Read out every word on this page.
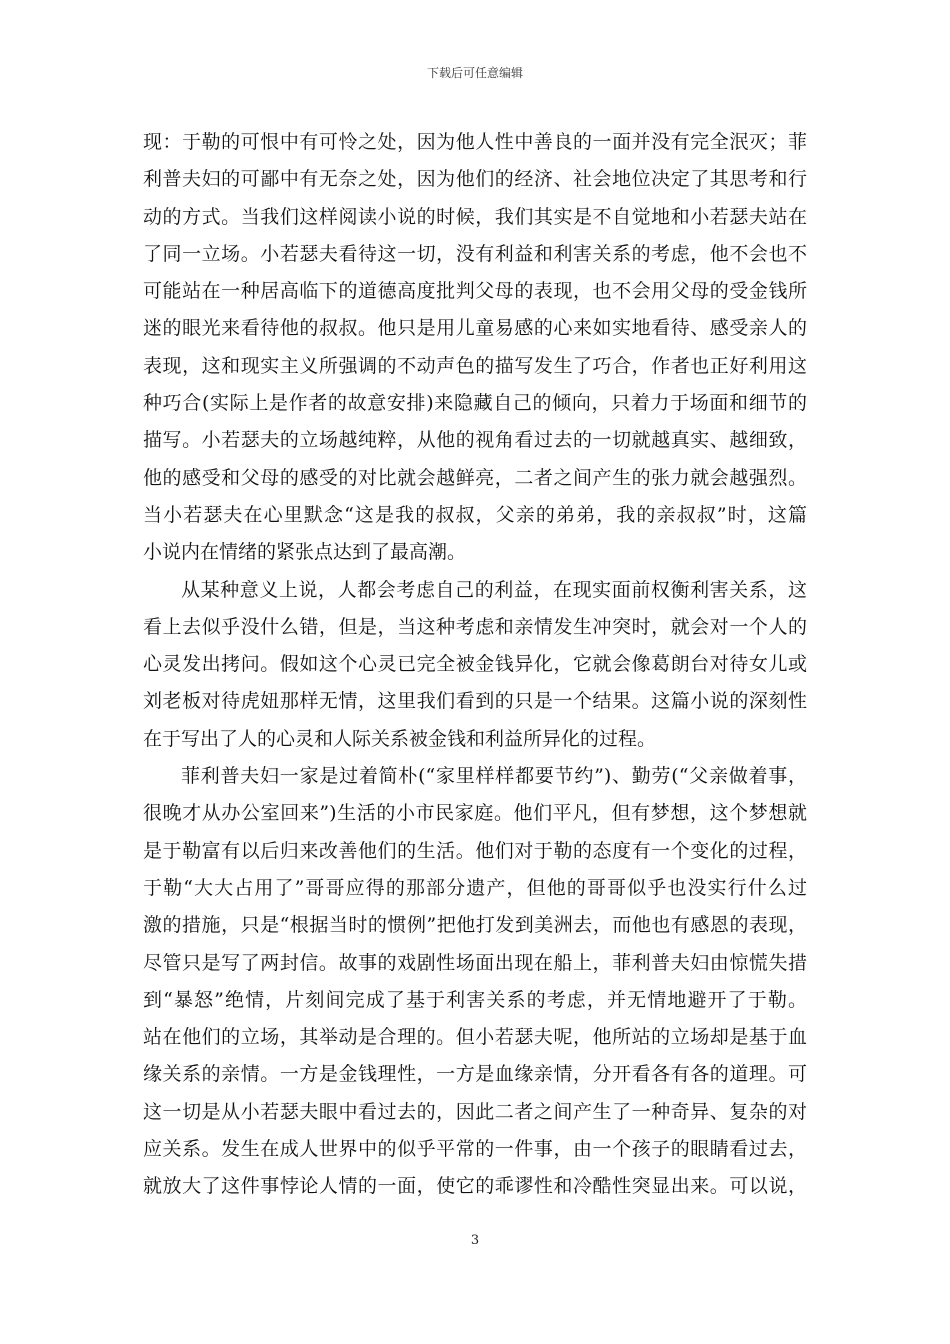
下载后可任意编辑
现：于勒的可恨中有可怜之处，因为他人性中善良的一面并没有完全泯灭；菲
利普夫妇的可鄙中有无奈之处，因为他们的经济、社会地位决定了其思考和行
动的方式。当我们这样阅读小说的时候，我们其实是不自觉地和小若瑟夫站在
了同一立场。小若瑟夫看待这一切，没有利益和利害关系的考虑，他不会也不
可能站在一种居高临下的道德高度批判父母的表现，也不会用父母的受金钱所
迷的眼光来看待他的叔叔。他只是用儿童易感的心来如实地看待、感受亲人的
表现，这和现实主义所强调的不动声色的描写发生了巧合，作者也正好利用这
种巧合(实际上是作者的故意安排)来隐藏自己的倾向，只着力于场面和细节的
描写。小若瑟夫的立场越纯粹，从他的视角看过去的一切就越真实、越细致，
他的感受和父母的感受的对比就会越鲜亮，二者之间产生的张力就会越强烈。
当小若瑟夫在心里默念“这是我的叔叔，父亲的弟弟，我的亲叔叔”时，这篇
小说内在情绪的紧张点达到了最高潮。
从某种意义上说，人都会考虑自己的利益，在现实面前权衡利害关系，这
看上去似乎没什么错，但是，当这种考虑和亲情发生冲突时，就会对一个人的
心灵发出拷问。假如这个心灵已完全被金钱异化，它就会像葛朗台对待女儿或
刘老板对待虎妞那样无情，这里我们看到的只是一个结果。这篇小说的深刻性
在于写出了人的心灵和人际关系被金钱和利益所异化的过程。
菲利普夫妇一家是过着简朴(“家里样样都要节约”)、勤劳(“父亲做着事，
很晚才从办公室回来”)生活的小市民家庭。他们平凡，但有梦想，这个梦想就
是于勒富有以后归来改善他们的生活。他们对于勒的态度有一个变化的过程，
于勒“大大占用了”哥哥应得的那部分遗产，但他的哥哥似乎也没实行什么过
激的措施，只是“根据当时的惯例”把他打发到美洲去，而他也有感恩的表现，
尽管只是写了两封信。故事的戏剧性场面出现在船上，菲利普夫妇由惊慌失措
到“暴怒”绝情，片刻间完成了基于利害关系的考虑，并无情地避开了于勒。
站在他们的立场，其举动是合理的。但小若瑟夫呢，他所站的立场却是基于血
缘关系的亲情。一方是金钱理性，一方是血缘亲情，分开看各有各的道理。可
这一切是从小若瑟夫眼中看过去的，因此二者之间产生了一种奇异、复杂的对
应关系。发生在成人世界中的似乎平常的一件事，由一个孩子的眼睛看过去，
就放大了这件事悖论人情的一面，使它的乖谬性和冷酷性突显出来。可以说，
3
